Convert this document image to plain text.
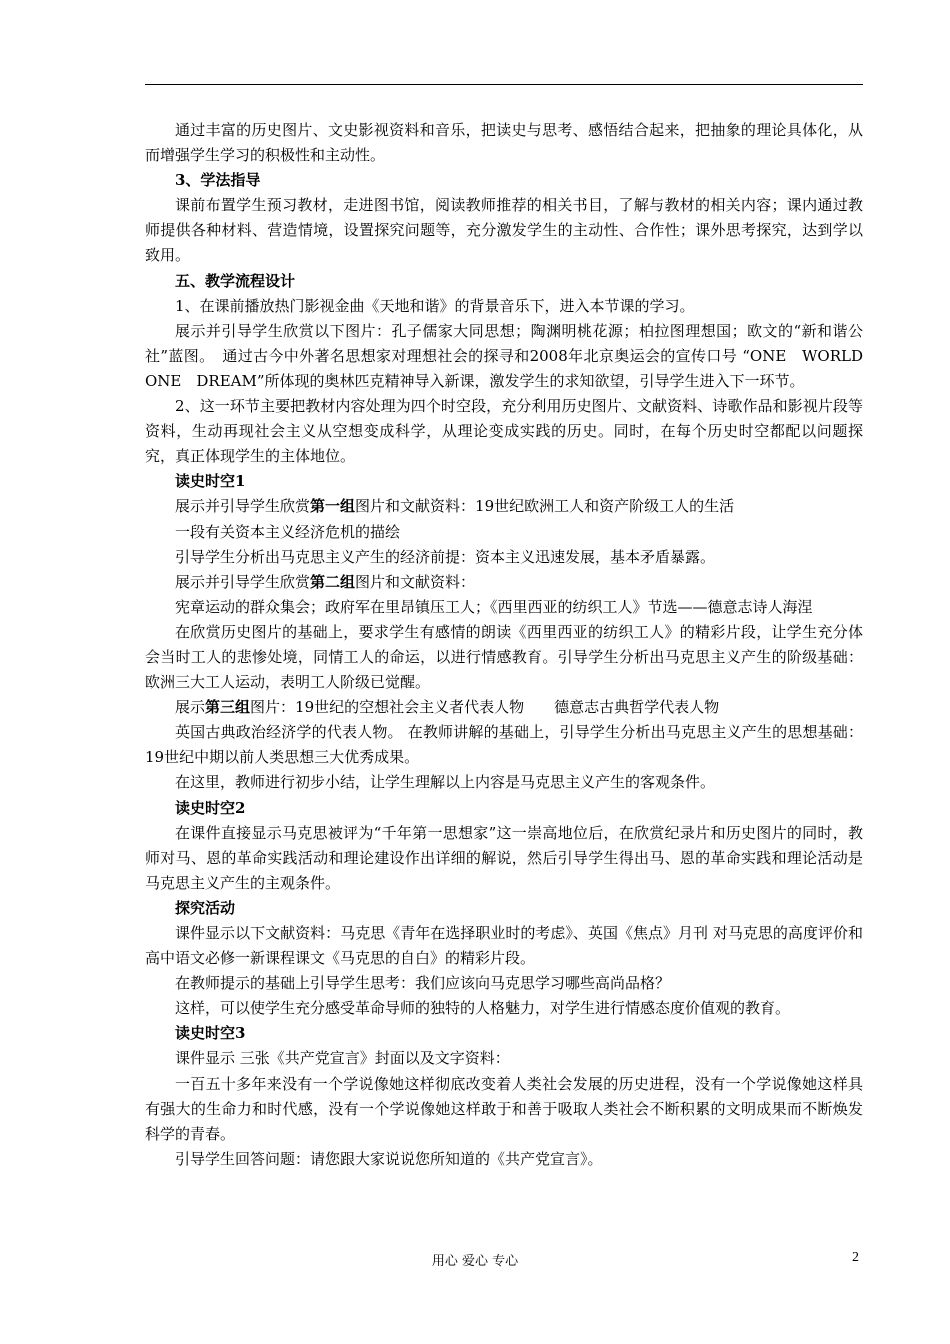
通过丰富的历史图片、文史影视资料和音乐，把读史与思考、感悟结合起来，把抽象的理论具体化，从而增强学生学习的积极性和主动性。

3、学法指导

课前布置学生预习教材，走进图书馆，阅读教师推荐的相关书目，了解与教材的相关内容；课内通过教师提供各种材料、营造情境，设置探究问题等，充分激发学生的主动性、合作性；课外思考探究，达到学以致用。

五、教学流程设计

1、在课前播放热门影视金曲《天地和谐》的背景音乐下，进入本节课的学习。

展示并引导学生欣赏以下图片：孔子儒家大同思想；陶渊明桃花源；柏拉图理想国；欧文的“新和谐公社”蓝图。　通过古今中外著名思想家对理想社会的探寻和2008年北京奥运会的宣传口号 “ONE　WORLD　ONE　DREAM”所体现的奥林匹克精神导入新课，激发学生的求知欲望，引导学生进入下一环节。

2、这一环节主要把教材内容处理为四个时空段，充分利用历史图片、文献资料、诗歌作品和影视片段等资料，生动再现社会主义从空想变成科学，从理论变成实践的历史。同时，在每个历史时空都配以问题探究，真正体现学生的主体地位。

读史时空1

展示并引导学生欣赏第一组图片和文献资料：19世纪欧洲工人和资产阶级工人的生活

一段有关资本主义经济危机的描绘

引导学生分析出马克思主义产生的经济前提：资本主义迅速发展，基本矛盾暴露。

展示并引导学生欣赏第二组图片和文献资料：

宪章运动的群众集会；政府军在里昂镇压工人；《西里西亚的纺织工人》节选——德意志诗人海涅

在欣赏历史图片的基础上，要求学生有感情的朗读《西里西亚的纺织工人》的精彩片段，让学生充分体会当时工人的悲惨处境，同情工人的命运，以进行情感教育。引导学生分析出马克思主义产生的阶级基础：欧洲三大工人运动，表明工人阶级已觉醒。

展示第三组图片：19世纪的空想社会主义者代表人物　　德意志古典哲学代表人物

英国古典政治经济学的代表人物。 在教师讲解的基础上，引导学生分析出马克思主义产生的思想基础：19世纪中期以前人类思想三大优秀成果。

在这里，教师进行初步小结，让学生理解以上内容是马克思主义产生的客观条件。

读史时空2

在课件直接显示马克思被评为“千年第一思想家”这一崇高地位后，在欣赏纪录片和历史图片的同时，教师对马、恩的革命实践活动和理论建设作出详细的解说，然后引导学生得出马、恩的革命实践和理论活动是马克思主义产生的主观条件。

探究活动

课件显示以下文献资料：马克思《青年在选择职业时的考虑》、英国《焦点》月刊 对马克思的高度评价和高中语文必修一新课程课文《马克思的自白》的精彩片段。

在教师提示的基础上引导学生思考：我们应该向马克思学习哪些高尚品格？

这样，可以使学生充分感受革命导师的独特的人格魅力，对学生进行情感态度价值观的教育。

读史时空3

课件显示 三张《共产党宣言》封面以及文字资料：

一百五十多年来没有一个学说像她这样彻底改变着人类社会发展的历史进程，没有一个学说像她这样具有强大的生命力和时代感，没有一个学说像她这样敢于和善于吸取人类社会不断积累的文明成果而不断焕发科学的青春。

引导学生回答问题：请您跟大家说说您所知道的《共产党宣言》。

用心 爱心 专心	2
